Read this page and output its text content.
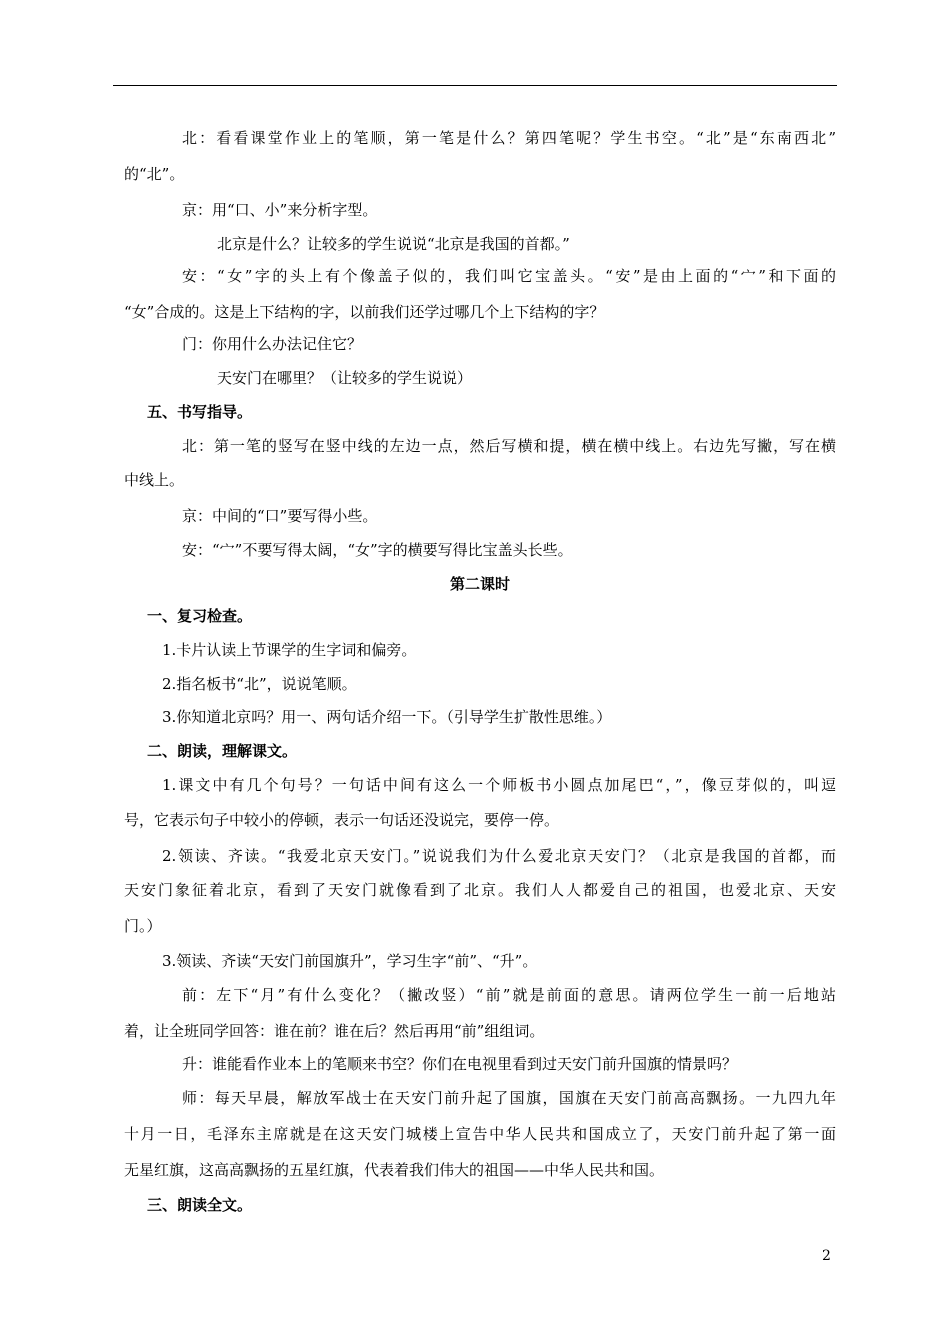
北：看看课堂作业上的笔顺，第一笔是什么？第四笔呢？学生书空。“北”是“东南西北”
的“北”。
京：用“口、小”来分析字型。
北京是什么？让较多的学生说说“北京是我国的首都。”
安：“女”字的头上有个像盖子似的，我们叫它宝盖头。“安”是由上面的“宀”和下面的
“女”合成的。这是上下结构的字，以前我们还学过哪几个上下结构的字？
门：你用什么办法记住它？
天安门在哪里？（让较多的学生说说）
五、书写指导。
北：第一笔的竖写在竖中线的左边一点，然后写横和提，横在横中线上。右边先写撇，写在横
中线上。
京：中间的“口”要写得小些。
安：“宀”不要写得太阔，“女”字的横要写得比宝盖头长些。
第二课时
一、复习检查。
1.卡片认读上节课学的生字词和偏旁。
2.指名板书“北”，说说笔顺。
3.你知道北京吗？用一、两句话介绍一下。（引导学生扩散性思维。）
二、朗读，理解课文。
1.课文中有几个句号？一句话中间有这么一个师板书小圆点加尾巴“，”，像豆芽似的，叫逗
号，它表示句子中较小的停顿，表示一句话还没说完，要停一停。
2.领读、齐读。“我爱北京天安门。”说说我们为什么爱北京天安门？（北京是我国的首都，而
天安门象征着北京，看到了天安门就像看到了北京。我们人人都爱自己的祖国，也爱北京、天安
门。）
3.领读、齐读“天安门前国旗升”，学习生字“前”、“升”。
前：左下“月”有什么变化？（撇改竖）“前”就是前面的意思。请两位学生一前一后地站
着，让全班同学回答：谁在前？谁在后？然后再用“前”组组词。
升：谁能看作业本上的笔顺来书空？你们在电视里看到过天安门前升国旗的情景吗？
师：每天早晨，解放军战士在天安门前升起了国旗，国旗在天安门前高高飘扬。一九四九年
十月一日，毛泽东主席就是在这天安门城楼上宣告中华人民共和国成立了，天安门前升起了第一面
无星红旗，这高高飘扬的五星红旗，代表着我们伟大的祖国——中华人民共和国。
三、朗读全文。
2
